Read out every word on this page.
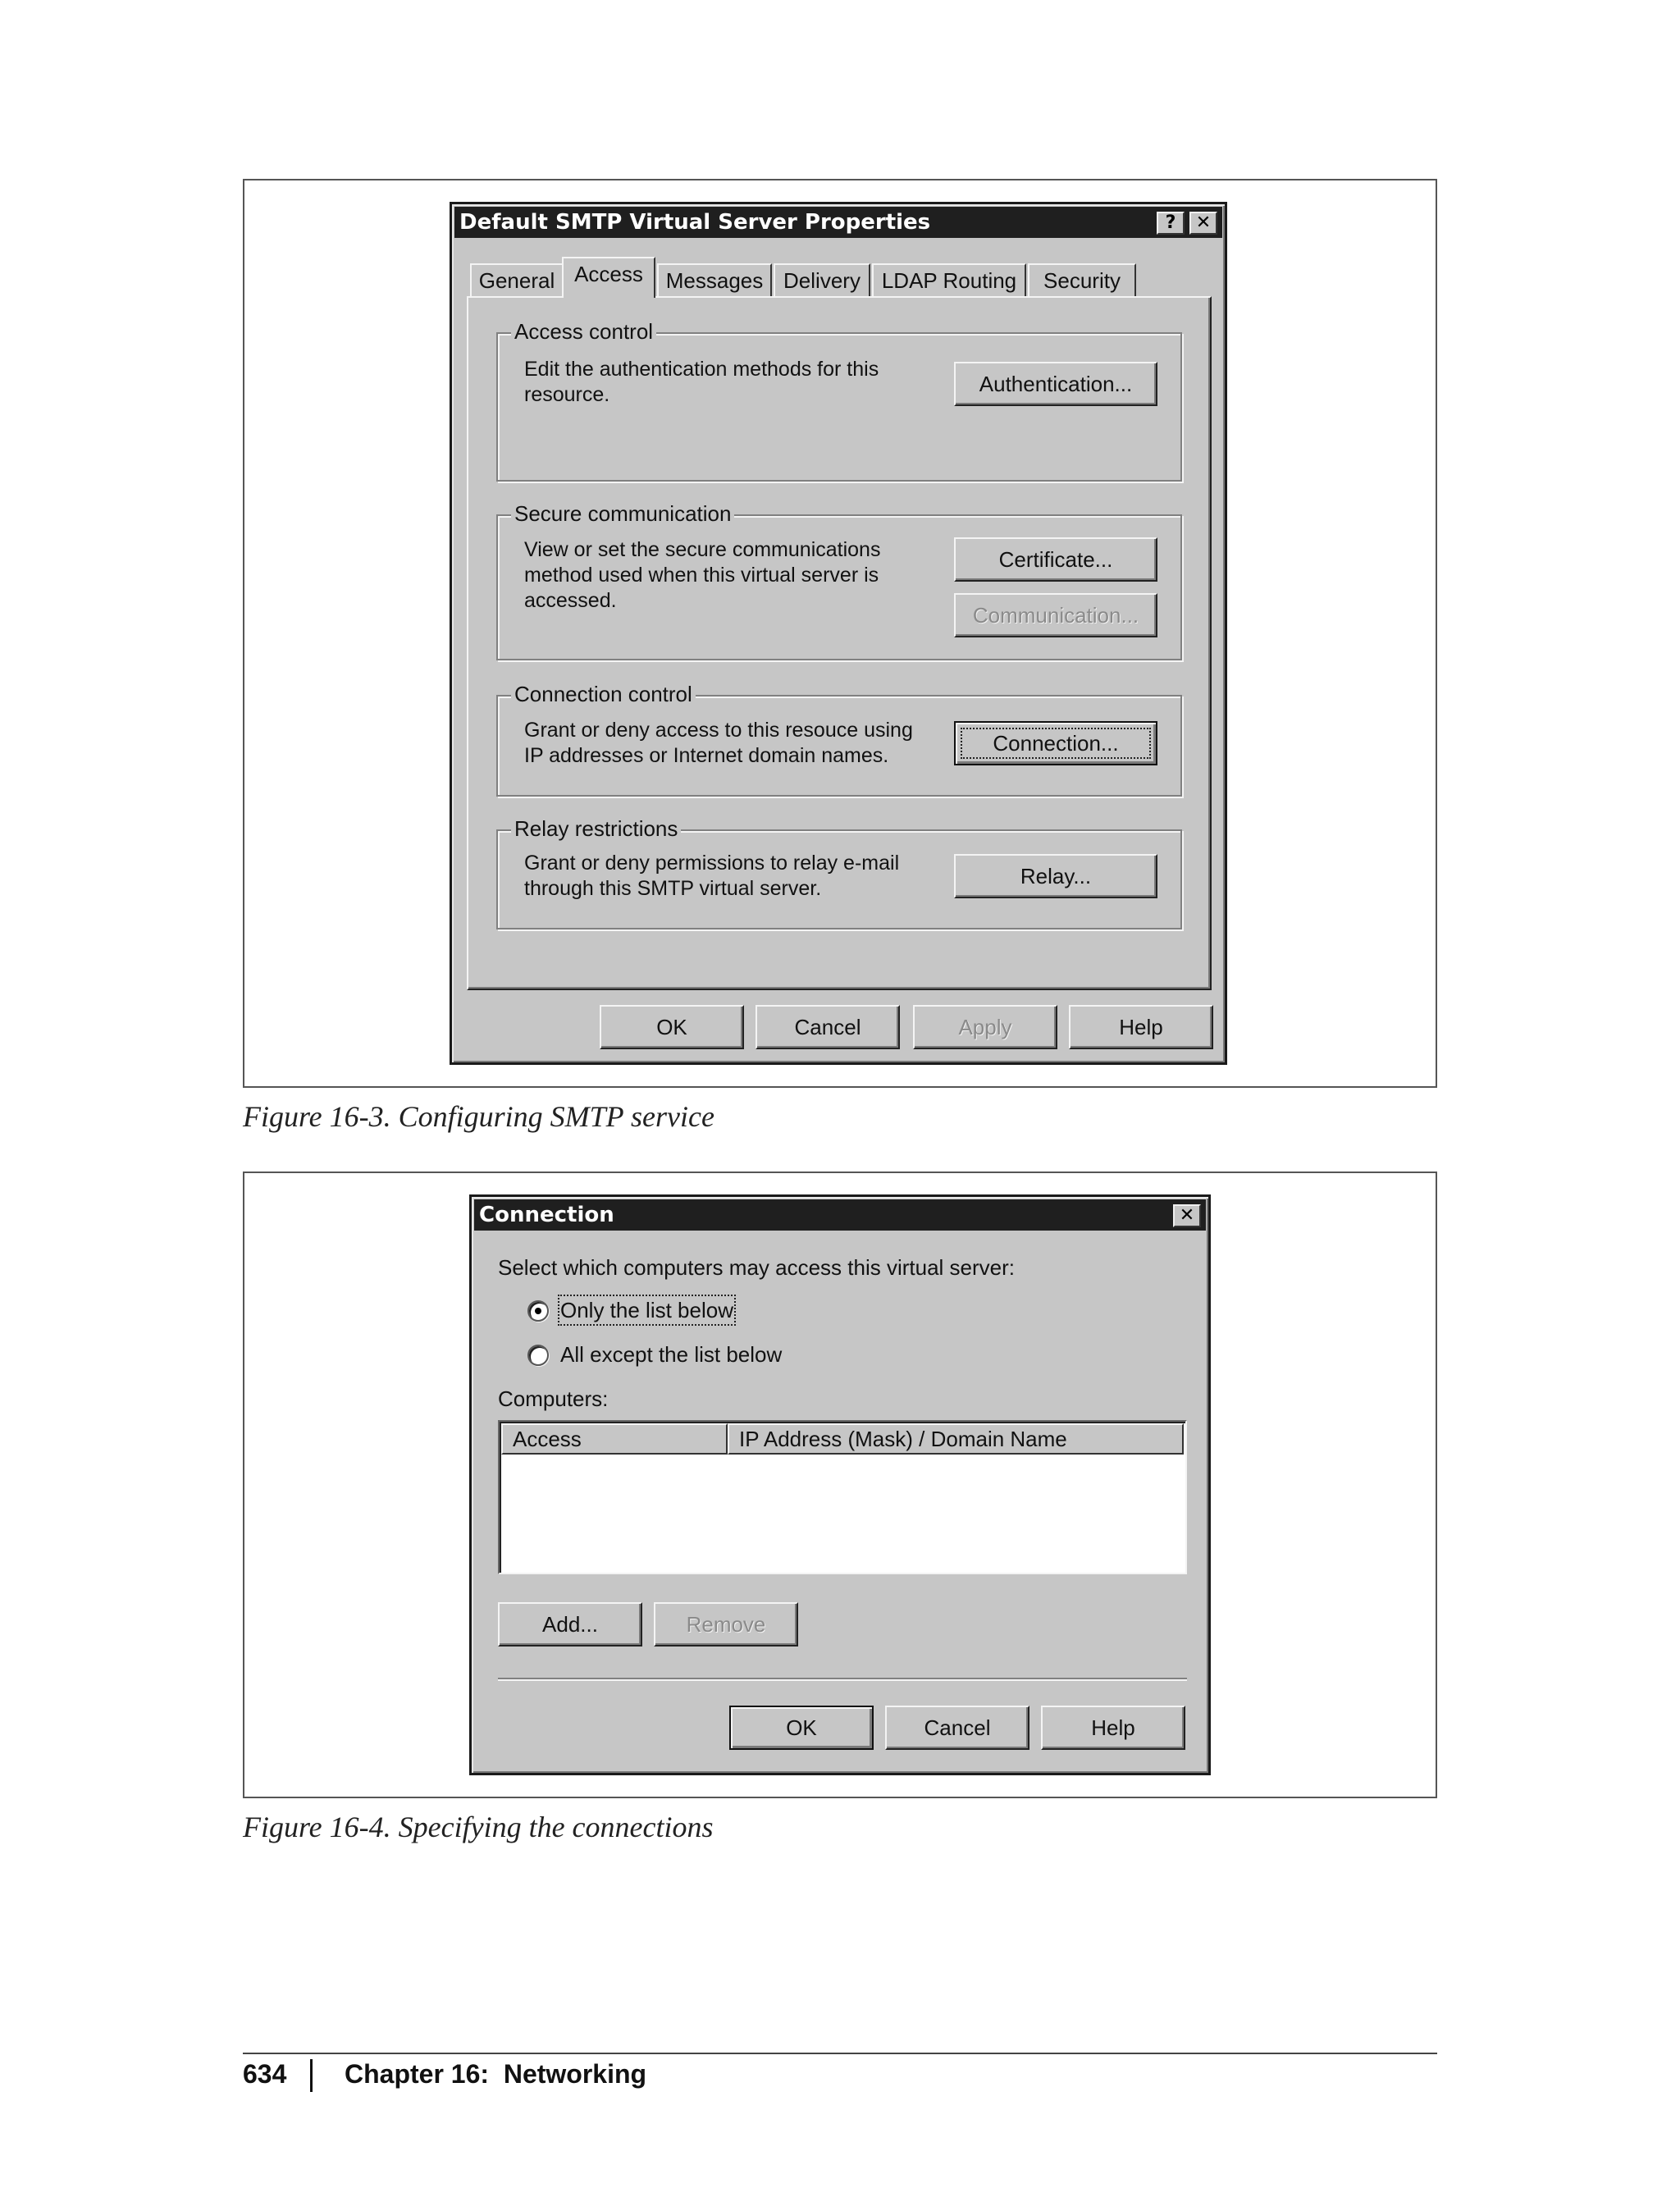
Default SMTP Virtual Server Properties	?	✕
General Access	Messages Delivery LDAP Routing	Security
Access control
Edit the authentication methods for this
resource.	Authentication...
Secure communication
View or set the secure communications
method used when this virtual server is
accessed.
Certificate...
Communication...
Connection control
Grant or deny access to this resouce using
IP addresses or Internet domain names.	Connection...
Relay restrictions
Grant or deny permissions to relay e-mail
through this SMTP virtual server.	Relay...
OK	Cancel	Apply	Help
Figure 16-3. Configuring SMTP service
Connection	✕
Select which computers may access this virtual server:
Only the list below
All except the list below
Computers:
Access	IP Address (Mask) / Domain Name
Add...	Remove
OK	Cancel	Help
Figure 16-4. Specifying the connections
634 Chapter 16:  Networking
